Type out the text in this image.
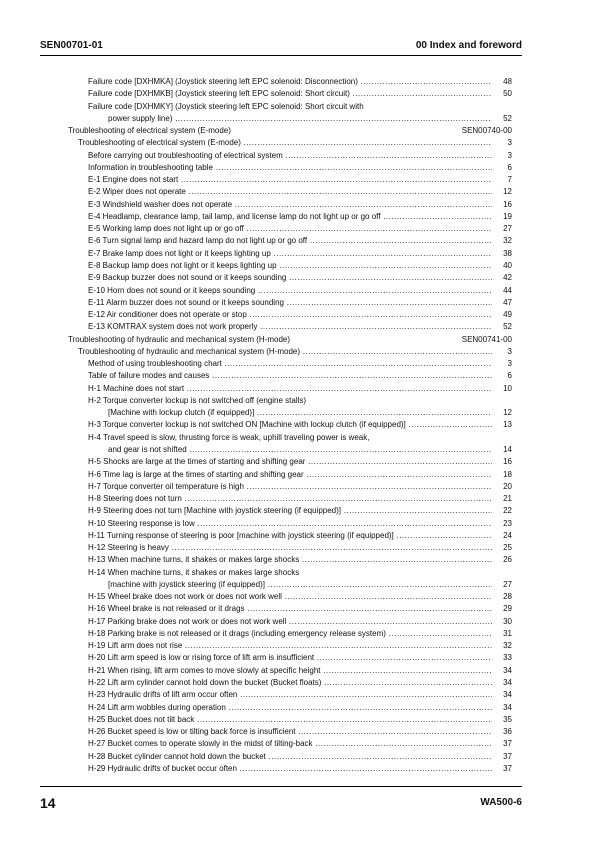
SEN00701-01	00 Index and foreword
Failure code [DXHMKA] (Joystick steering left EPC solenoid: Disconnection) .....	48
Failure code [DXHMKB] (Joystick steering left EPC solenoid: Short circuit) .....	50
Failure code [DXHMKY] (Joystick steering left EPC solenoid: Short circuit with
power supply line) .....	52
Troubleshooting of electrical system (E-mode)	SEN00740-00
Troubleshooting of electrical system (E-mode) .....	3
Before carrying out troubleshooting of electrical system .....	3
Information in troubleshooting table .....	6
E-1 Engine does not start .....	7
E-2 Wiper does not operate .....	12
E-3 Windshield washer does not operate .....	16
E-4 Headlamp, clearance lamp, tail lamp, and license lamp do not light up or go off .....	19
E-5 Working lamp does not light up or go off .....	27
E-6 Turn signal lamp and hazard lamp do not light up or go off .....	32
E-7 Brake lamp does not light or it keeps lighting up .....	38
E-8 Backup lamp does not light or it keeps lighting up .....	40
E-9 Backup buzzer does not sound or it keeps sounding .....	42
E-10 Horn does not sound or it keeps sounding .....	44
E-11 Alarm buzzer does not sound or it keeps sounding .....	47
E-12 Air conditioner does not operate or stop .....	49
E-13 KOMTRAX system does not work properly .....	52
Troubleshooting of hydraulic and mechanical system (H-mode)	SEN00741-00
Troubleshooting of hydraulic and mechanical system (H-mode) .....	3
Method of using troubleshooting chart .....	3
Table of failure modes and causes .....	6
H-1 Machine does not start .....	10
H-2 Torque converter lockup is not switched off (engine stalls)
[Machine with lockup clutch (if equipped)] .....	12
H-3 Torque converter lockup is not switched ON [Machine with lockup clutch (if equipped)] .....	13
H-4 Travel speed is slow, thrusting force is weak, uphill traveling power is weak,
and gear is not shifted .....	14
H-5 Shocks are large at the times of starting and shifting gear .....	16
H-6 Time lag is large at the times of starting and shifting gear .....	18
H-7 Torque converter oil temperature is high .....	20
H-8 Steering does not turn .....	21
H-9 Steering does not turn [Machine with joystick steering (if equipped)] .....	22
H-10 Steering response is low .....	23
H-11 Turning response of steering is poor [machine with joystick steering (if equipped)] .....	24
H-12 Steering is heavy .....	25
H-13 When machine turns, it shakes or makes large shocks .....	26
H-14 When machine turns, it shakes or makes large shocks
[machine with joystick steering (if equipped)] .....	27
H-15 Wheel brake does not work or does not work well .....	28
H-16 Wheel brake is not released or it drags .....	29
H-17 Parking brake does not work or does not work well .....	30
H-18 Parking brake is not released or it drags (including emergency release system) .....	31
H-19 Lift arm does not rise .....	32
H-20 Lift arm speed is low or rising force of lift arm is insufficient .....	33
H-21 When rising, lift arm comes to move slowly at specific height .....	34
H-22 Lift arm cylinder cannot hold down the bucket (Bucket floats) .....	34
H-23 Hydraulic drifts of lift arm occur often .....	34
H-24 Lift arm wobbles during operation .....	34
H-25 Bucket does not tilt back .....	35
H-26 Bucket speed is low or tilting back force is insufficient .....	36
H-27 Bucket comes to operate slowly in the midst of tilting-back .....	37
H-28 Bucket cylinder cannot hold down the bucket .....	37
H-29 Hydraulic drifts of bucket occur often .....	37
14	WA500-6
